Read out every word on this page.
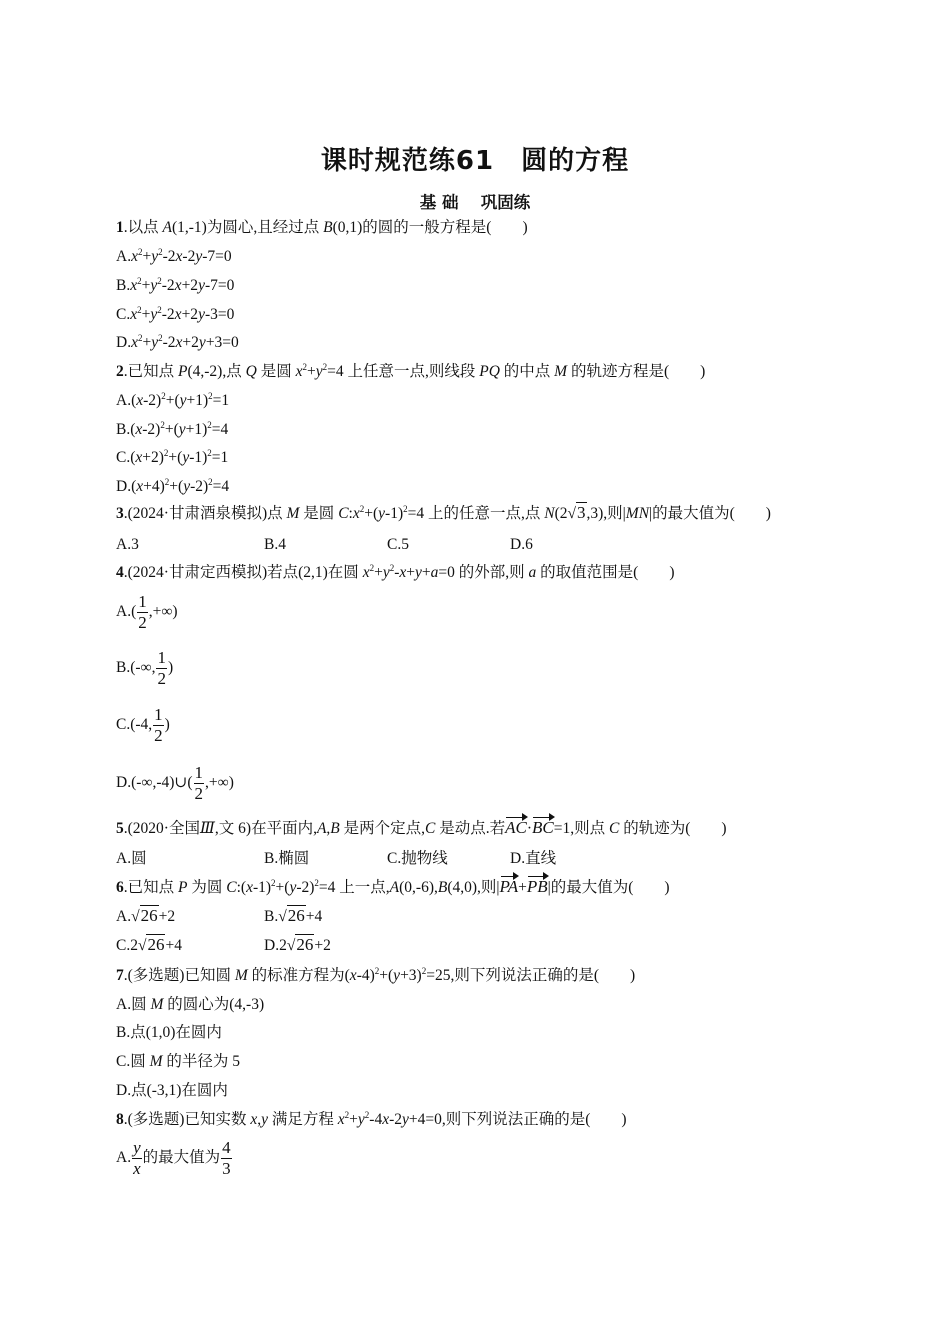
课时规范练61　圆的方程
基 础　 巩固练
1.以点 A(1,-1)为圆心,且经过点 B(0,1)的圆的一般方程是(　　)
$A.x^2+y^2-2x-2y-7=0$
$B.x^2+y^2-2x+2y-7=0$
$C.x^2+y^2-2x+2y-3=0$
$D.x^2+y^2-2x+2y+3=0$
2.已知点 P(4,-2),点 Q 是圆 $x^2+y^2=4$ 上任意一点,则线段 PQ 的中点 M 的轨迹方程是(　　)
$A.(x-2)^2+(y+1)^2=1$
$B.(x-2)^2+(y+1)^2=4$
$C.(x+2)^2+(y-1)^2=1$
$D.(x+4)^2+(y-2)^2=4$
3.(2024·甘肃酒泉模拟)点 M 是圆 $C:x^2+(y-1)^2=4$ 上的任意一点,点 N(2√3,3),则|MN|的最大值为(　　)
A.3	B.4	C.5	D.6
4.(2024·甘肃定西模拟)若点(2,1)在圆 $x^2+y^2-x+y+a=0$ 的外部,则 a 的取值范围是(　　)
$A.( \frac{1}{2}$ ,+∞)
B.(-∞, $\frac{1}{2}$ )
C.(-4, $\frac{1}{2}$ )
D.(-∞,-4)∪( $\frac{1}{2}$ ,+∞)
5.(2020·全国Ⅲ,文 6)在平面内,A,B 是两个定点,C 是动点.若AC·BC=1,则点 C 的轨迹为(　　)
A.圆	B.椭圆	C.抛物线	D.直线
6.已知点 P 为圆 $C:(x-1)^2+(y-2)^2=4$ 上一点,A(0,-6),B(4,0),则|PA+PB|的最大值为(　　)
A.√26+2	B.√26+4
C.2√26+4	D.2√26+2
7.(多选题)已知圆 M 的标准方程为$(x-4)^2+(y+3)^2=25$,则下列说法正确的是(　　)
A.圆 M 的圆心为(4,-3)
B.点(1,0)在圆内
C.圆 M 的半径为 5
D.点(-3,1)在圆内
8.(多选题)已知实数 x,y 满足方程 $x^2+y^2-4x-2y+4=0$,则下列说法正确的是(　　)
A. $\frac{y}{x}$ 的最大值为 $\frac{4}{3}$
